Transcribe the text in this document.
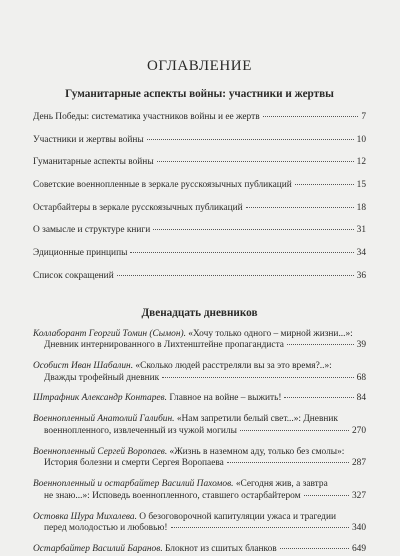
ОГЛАВЛЕНИЕ
Гуманитарные аспекты войны: участники и жертвы
День Победы: систематика участников войны и ее жертв	7
Участники и жертвы войны	10
Гуманитарные аспекты войны	12
Советские военнопленные в зеркале русскоязычных публикаций	15
Остарбайтеры в зеркале русскоязычных публикаций	18
О замысле и структуре книги	31
Эдиционные принципы	34
Список сокращений	36
Двенадцать дневников
Коллаборант Георгий Томин (Сымон). «Хочу только одного – мирной жизни...»:
Дневник интернированного в Лихтенштейне пропагандиста	39
Особист Иван Шабалин. «Сколько людей расстреляли вы за это время?..»:
Дважды трофейный дневник	68
Штрафник Александр Контарев. Главное на войне – выжить!	84
Военнопленный Анатолий Галибин. «Нам запретили белый свет...»: Дневник
военнопленного, извлеченный из чужой могилы	270
Военнопленный Сергей Воропаев. «Жизнь в наземном аду, только без смолы»:
История болезни и смерти Сергея Воропаева	287
Военнопленный и остарбайтер Василий Пахомов. «Сегодня жив, а завтра
не знаю...»: Исповедь военнопленного, ставшего остарбайтером	327
Остовка Шура Михалева. О безоговорочной капитуляции ужаса и трагедии
перед молодостью и любовью!	340
Остарбайтер Василий Баранов. Блокнот из сшитых бланков	649
